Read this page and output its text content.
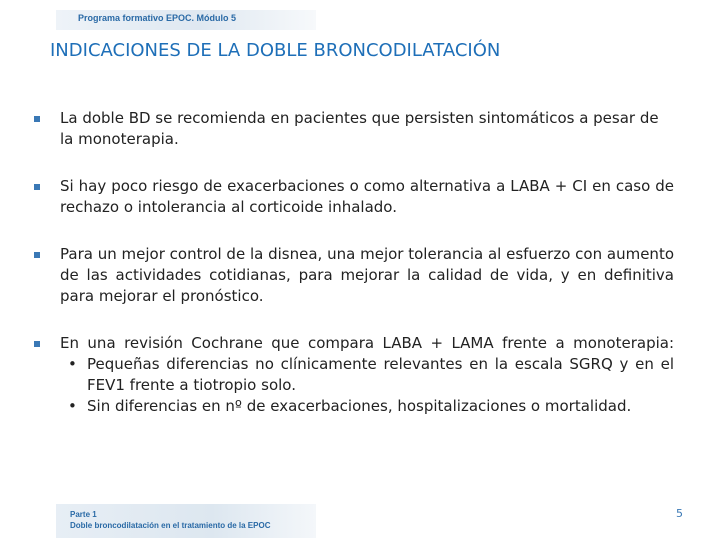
Programa formativo EPOC. Módulo 5
INDICACIONES DE LA DOBLE BRONCODILATACIÓN
La doble BD se recomienda en pacientes que persisten sintomáticos a pesar de la monoterapia.
Si hay poco riesgo de exacerbaciones o como alternativa a LABA + CI en caso de rechazo o intolerancia al corticoide inhalado.
Para un mejor control de la disnea, una mejor tolerancia al esfuerzo con aumento de las actividades cotidianas, para mejorar la calidad de vida, y en definitiva para mejorar el pronóstico.
En una revisión Cochrane que compara LABA + LAMA frente a monoterapia:
• Pequeñas diferencias no clínicamente relevantes en la escala SGRQ y en el FEV1 frente a tiotropio solo.
• Sin diferencias en nº de exacerbaciones, hospitalizaciones o mortalidad.
Parte 1
Doble broncodilatación en el tratamiento de la EPOC
5
